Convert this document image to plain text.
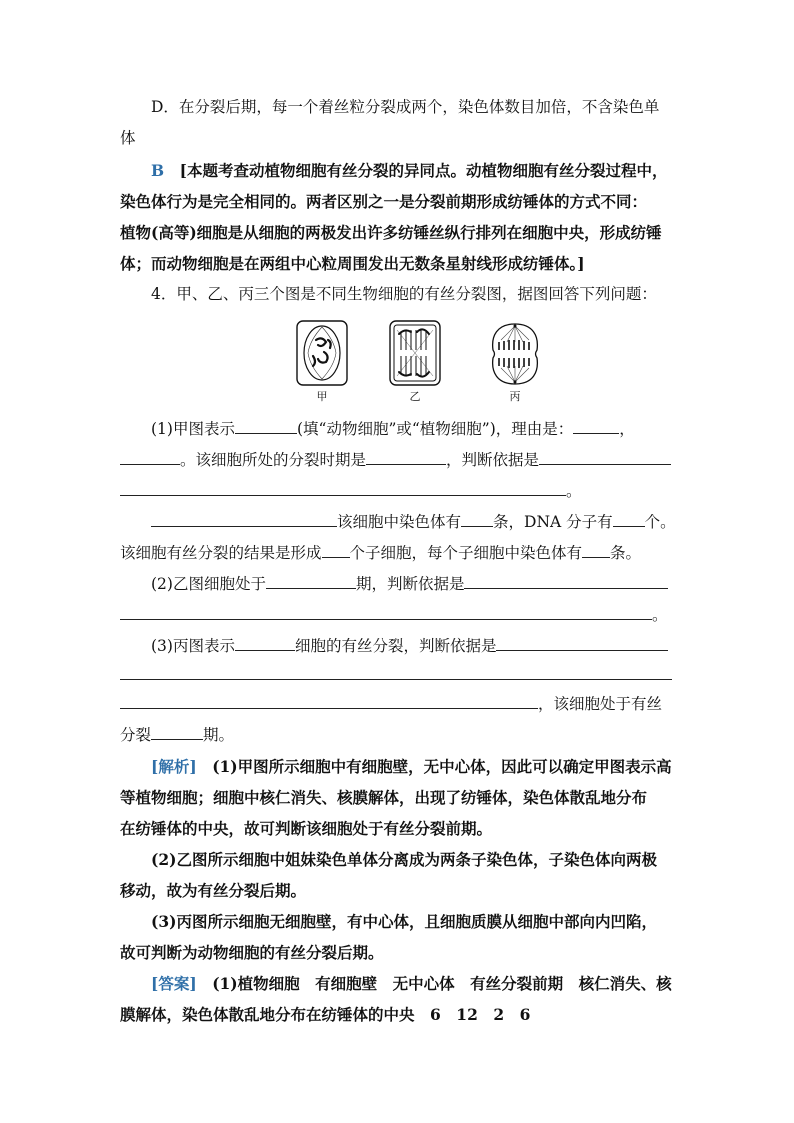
D．在分裂后期，每一个着丝粒分裂成两个，染色体数目加倍，不含染色单

体

B　 [本题考查动植物细胞有丝分裂的异同点。动植物细胞有丝分裂过程中，

染色体行为是完全相同的。两者区别之一是分裂前期形成纺锤体的方式不同：

植物(高等)细胞是从细胞的两极发出许多纺锤丝纵行排列在细胞中央，形成纺锤

体；而动物细胞是在两组中心粒周围发出无数条星射线形成纺锤体。]

4．甲、乙、丙三个图是不同生物细胞的有丝分裂图，据图回答下列问题：

甲	乙	丙

(1)甲图表示	(填“动物细胞”或“植物细胞”)，理由是：	，

。该细胞所处的分裂时期是	，判断依据是

。

该细胞中染色体有 条，DNA 分子有 个。

该细胞有丝分裂的结果是形成 个子细胞，每个子细胞中染色体有 条。

(2)乙图细胞处于	期，判断依据是

。

(3)丙图表示	细胞的有丝分裂，判断依据是

，该细胞处于有丝

分裂	期。

[解析]　 (1)甲图所示细胞中有细胞壁，无中心体，因此可以确定甲图表示高

等植物细胞；细胞中核仁消失、核膜解体，出现了纺锤体，染色体散乱地分布

在纺锤体的中央，故可判断该细胞处于有丝分裂前期。

(2)乙图所示细胞中姐妹染色单体分离成为两条子染色体，子染色体向两极

移动，故为有丝分裂后期。

(3)丙图所示细胞无细胞壁，有中心体，且细胞质膜从细胞中部向内凹陷，

故可判断为动物细胞的有丝分裂后期。

[答案]　 (1)植物细胞　有细胞壁　无中心体　有丝分裂前期　核仁消失、核

膜解体，染色体散乱地分布在纺锤体的中央　6　12　2　6
